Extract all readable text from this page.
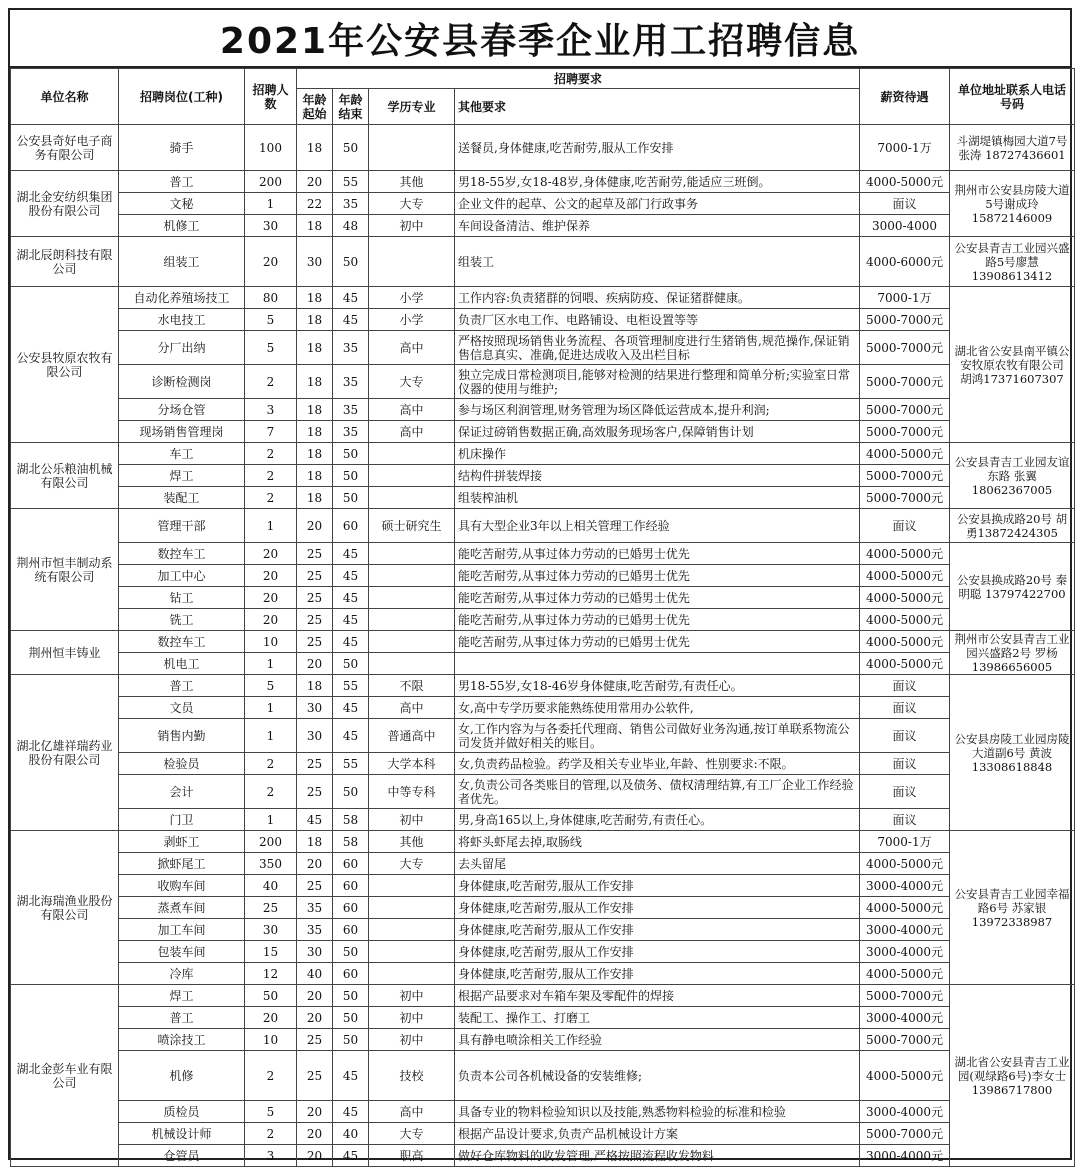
2021年公安县春季企业用工招聘信息
单位名称	招聘岗位(工种)	招聘人数	招聘要求				薪资待遇	单位地址联系人电话号码
			年龄起始	年龄结束	学历专业	其他要求		
公安县奇好电子商务有限公司	骑手	100	18	50		送餐员,身体健康,吃苦耐劳,服从工作安排	7000-1万	斗湖堤镇梅园大道7号 张涛 18727436601
湖北金安纺织集团股份有限公司	普工	200	20	55	其他	男18-55岁,女18-48岁,身体健康,吃苦耐劳,能适应三班倒。	4000-5000元	荆州市公安县房陵大道5号谢成玲 15872146009
	文秘	1	22	35	大专	企业文件的起草、公文的起草及部门行政事务	面议	
	机修工	30	18	48	初中	车间设备清洁、维护保养	3000-4000	
湖北辰朗科技有限公司	组装工	20	30	50		组装工	4000-6000元	公安县青吉工业园兴盛路5号廖慧 13908613412
公安县牧原农牧有限公司	自动化养殖场技工	80	18	45	小学	工作内容:负责猪群的饲喂、疾病防疫、保证猪群健康。	7000-1万	湖北省公安县南平镇公安牧原农牧有限公司 胡鸿17371607307
	水电技工	5	18	45	小学	负责厂区水电工作、电路铺设、电柜设置等等	5000-7000元	
	分厂出纳	5	18	35	高中	严格按照现场销售业务流程、各项管理制度进行生猪销售,规范操作,保证销售信息真实、准确,促进达成收入及出栏目标	5000-7000元	
	诊断检测岗	2	18	35	大专	独立完成日常检测项目,能够对检测的结果进行整理和简单分析;实验室日常仪器的使用与维护;	5000-7000元	
	分场仓管	3	18	35	高中	参与场区利润管理,财务管理为场区降低运营成本,提升利润;	5000-7000元	
	现场销售管理岗	7	18	35	高中	保证过磅销售数据正确,高效服务现场客户,保障销售计划	5000-7000元	
湖北公乐粮油机械有限公司	车工	2	18	50		机床操作	4000-5000元	公安县青吉工业园友谊东路 张翼18062367005
	焊工	2	18	50		结构件拼装焊接	5000-7000元	
	装配工	2	18	50		组装榨油机	5000-7000元	
荆州市恒丰制动系统有限公司	管理干部	1	20	60	硕士研究生	具有大型企业3年以上相关管理工作经验	面议	公安县换成路20号 胡勇13872424305
	数控车工	20	25	45		能吃苦耐劳,从事过体力劳动的已婚男士优先	4000-5000元	公安县换成路20号 秦明聪 13797422700
	加工中心	20	25	45		能吃苦耐劳,从事过体力劳动的已婚男士优先	4000-5000元	
	钻工	20	25	45		能吃苦耐劳,从事过体力劳动的已婚男士优先	4000-5000元	
	铣工	20	25	45		能吃苦耐劳,从事过体力劳动的已婚男士优先	4000-5000元	
荆州恒丰铸业	数控车工	10	25	45		能吃苦耐劳,从事过体力劳动的已婚男士优先	4000-5000元	荆州市公安县青吉工业园兴盛路2号 罗杨13986656005
	机电工	1	20	50			4000-5000元	
湖北亿雄祥瑞药业股份有限公司	普工	5	18	55	不限	男18-55岁,女18-46岁身体健康,吃苦耐劳,有责任心。	面议	公安县房陵工业园房陵大道副6号 黄波13308618848
	文员	1	30	45	高中	女,高中专学历要求能熟练使用常用办公软件,	面议	
	销售内勤	1	30	45	普通高中	女,工作内容为与各委托代理商、销售公司做好业务沟通,按订单联系物流公司发货并做好相关的账目。	面议	
	检验员	2	25	55	大学本科	女,负责药品检验。药学及相关专业毕业,年龄、性别要求:不限。	面议	
	会计	2	25	50	中等专科	女,负责公司各类账目的管理,以及债务、债权清理结算,有工厂企业工作经验者优先。	面议	
	门卫	1	45	58	初中	男,身高165以上,身体健康,吃苦耐劳,有责任心。	面议	
湖北海瑞渔业股份有限公司	剥虾工	200	18	58	其他	将虾头虾尾去掉,取肠线	7000-1万	公安县青吉工业园幸福路6号 苏家银 13972338987
	掀虾尾工	350	20	60	大专	去头留尾	4000-5000元	
	收购车间	40	25	60		身体健康,吃苦耐劳,服从工作安排	3000-4000元	
	蒸煮车间	25	35	60		身体健康,吃苦耐劳,服从工作安排	4000-5000元	
	加工车间	30	35	60		身体健康,吃苦耐劳,服从工作安排	3000-4000元	
	包装车间	15	30	50		身体健康,吃苦耐劳,服从工作安排	3000-4000元	
	冷库	12	40	60		身体健康,吃苦耐劳,服从工作安排	4000-5000元	
湖北金彭车业有限公司	焊工	50	20	50	初中	根据产品要求对车箱车架及零配件的焊接	5000-7000元	湖北省公安县青吉工业园(观绿路6号)李女士 13986717800
	普工	20	20	50	初中	装配工、操作工、打磨工	3000-4000元	
	喷涂技工	10	25	50	初中	具有静电喷涂相关工作经验	5000-7000元	
	机修	2	25	45	技校	负责本公司各机械设备的安装维修;	4000-5000元	
	质检员	5	20	45	高中	具备专业的物料检验知识以及技能,熟悉物料检验的标准和检验	3000-4000元	
	机械设计师	2	20	40	大专	根据产品设计要求,负责产品机械设计方案	5000-7000元	
	仓管员	3	20	45	职高	做好仓库物料的收发管理,严格按照流程收发物料	3000-4000元	
